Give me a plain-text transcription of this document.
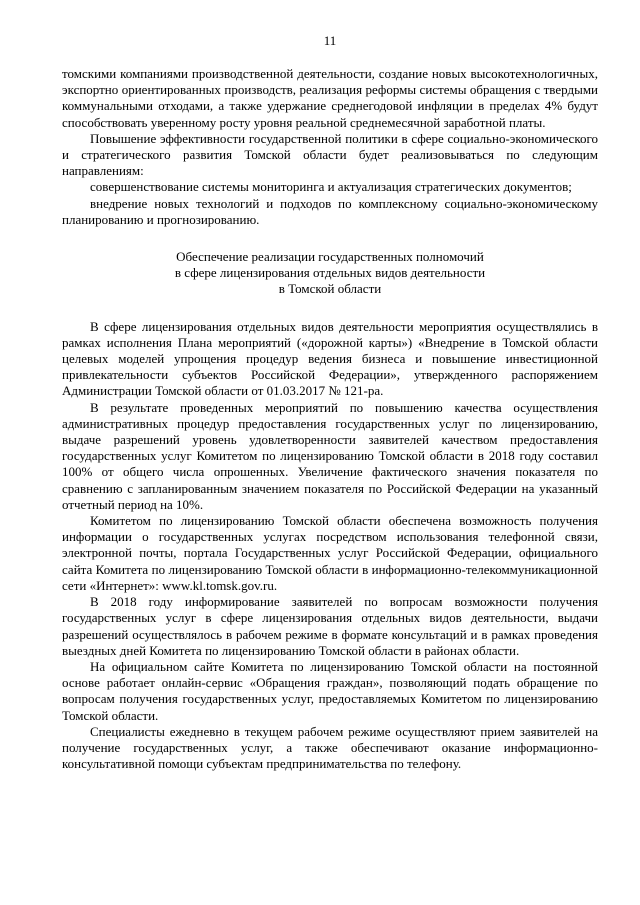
11

томскими компаниями производственной деятельности, создание новых высокотехнологичных, экспортно ориентированных производств, реализация реформы системы обращения с твердыми коммунальными отходами, а также удержание среднегодовой инфляции в пределах 4% будут способствовать уверенному росту уровня реальной среднемесячной заработной платы.

Повышение эффективности государственной политики в сфере социально-экономического и стратегического развития Томской области будет реализовываться по следующим направлениям:

совершенствование системы мониторинга и актуализация стратегических документов;

внедрение новых технологий и подходов по комплексному социально-экономическому планированию и прогнозированию.

Обеспечение реализации государственных полномочий
в сфере лицензирования отдельных видов деятельности
в Томской области

В сфере лицензирования отдельных видов деятельности мероприятия осуществлялись в рамках исполнения Плана мероприятий («дорожной карты») «Внедрение в Томской области целевых моделей упрощения процедур ведения бизнеса и повышение инвестиционной привлекательности субъектов Российской Федерации», утвержденного распоряжением Администрации Томской области от 01.03.2017 № 121-ра.

В результате проведенных мероприятий по повышению качества осуществления административных процедур предоставления государственных услуг по лицензированию, выдаче разрешений уровень удовлетворенности заявителей качеством предоставления государственных услуг Комитетом по лицензированию Томской области в 2018 году составил 100% от общего числа опрошенных. Увеличение фактического значения показателя по сравнению с запланированным значением показателя по Российской Федерации на указанный отчетный период на 10%.

Комитетом по лицензированию Томской области обеспечена возможность получения информации о государственных услугах посредством использования телефонной связи, электронной почты, портала Государственных услуг Российской Федерации, официального сайта Комитета по лицензированию Томской области в информационно-телекоммуникационной сети «Интернет»: www.kl.tomsk.gov.ru.

В 2018 году информирование заявителей по вопросам возможности получения государственных услуг в сфере лицензирования отдельных видов деятельности, выдачи разрешений осуществлялось в рабочем режиме в формате консультаций и в рамках проведения выездных дней Комитета по лицензированию Томской области в районах области.

На официальном сайте Комитета по лицензированию Томской области на постоянной основе работает онлайн-сервис «Обращения граждан», позволяющий подать обращение по вопросам получения государственных услуг, предоставляемых Комитетом по лицензированию Томской области.

Специалисты ежедневно в текущем рабочем режиме осуществляют прием заявителей на получение государственных услуг, а также обеспечивают оказание информационно-консультативной помощи субъектам предпринимательства по телефону.
